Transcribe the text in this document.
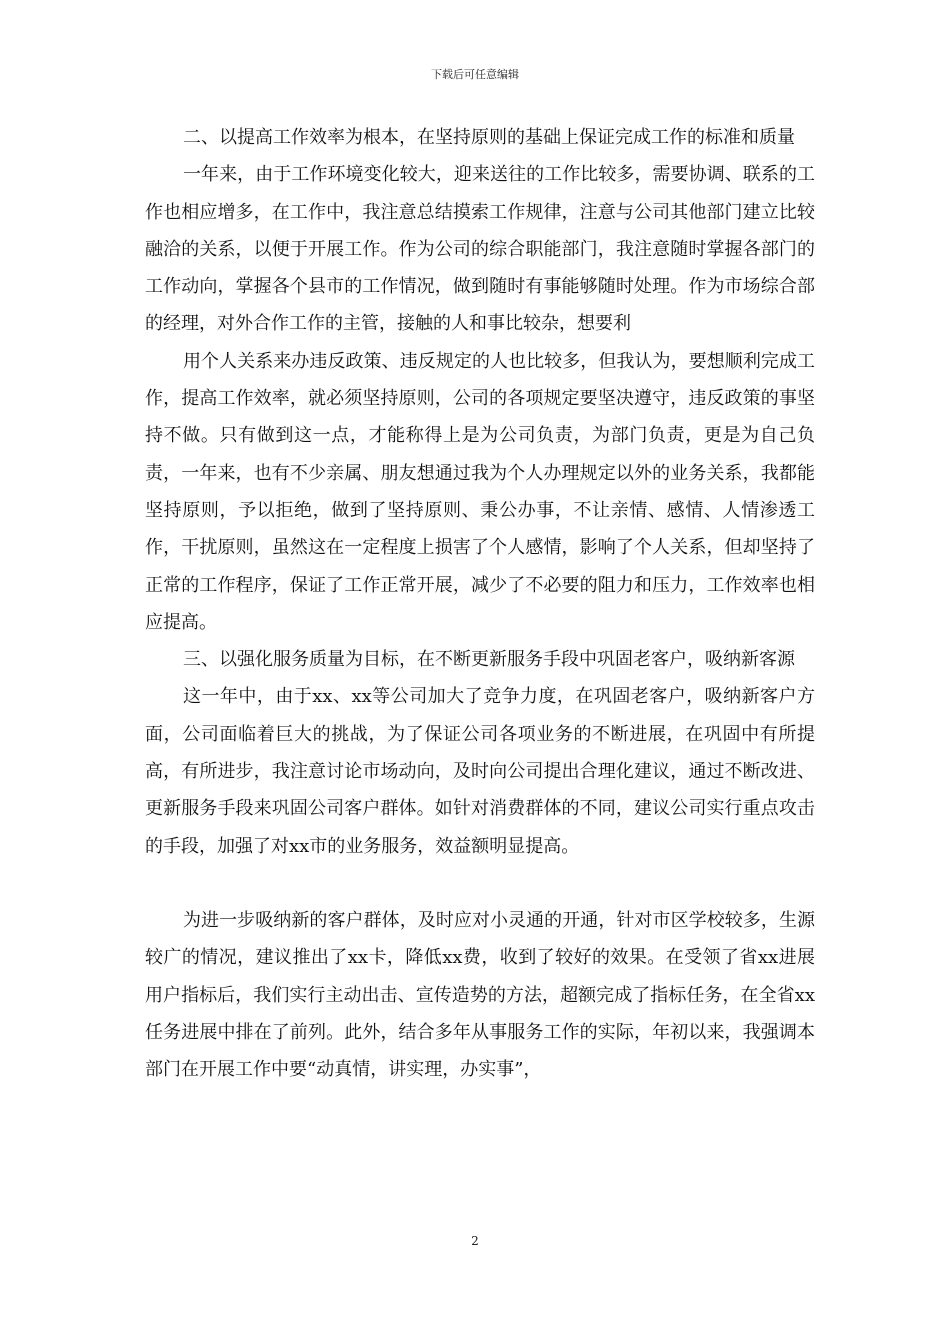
下载后可任意编辑

二、以提高工作效率为根本，在坚持原则的基础上保证完成工作的标准和质量

一年来，由于工作环境变化较大，迎来送往的工作比较多，需要协调、联系的工作也相应增多，在工作中，我注意总结摸索工作规律，注意与公司其他部门建立比较融洽的关系，以便于开展工作。作为公司的综合职能部门，我注意随时掌握各部门的工作动向，掌握各个县市的工作情况，做到随时有事能够随时处理。作为市场综合部的经理，对外合作工作的主管，接触的人和事比较杂，想要利

用个人关系来办违反政策、违反规定的人也比较多，但我认为，要想顺利完成工作，提高工作效率，就必须坚持原则，公司的各项规定要坚决遵守，违反政策的事坚持不做。只有做到这一点，才能称得上是为公司负责，为部门负责，更是为自己负责，一年来，也有不少亲属、朋友想通过我为个人办理规定以外的业务关系，我都能坚持原则，予以拒绝，做到了坚持原则、秉公办事，不让亲情、感情、人情渗透工作，干扰原则，虽然这在一定程度上损害了个人感情，影响了个人关系，但却坚持了正常的工作程序，保证了工作正常开展，减少了不必要的阻力和压力，工作效率也相应提高。

三、以强化服务质量为目标，在不断更新服务手段中巩固老客户，吸纳新客源

这一年中，由于xx、xx等公司加大了竞争力度，在巩固老客户，吸纳新客户方面，公司面临着巨大的挑战，为了保证公司各项业务的不断进展，在巩固中有所提高，有所进步，我注意讨论市场动向，及时向公司提出合理化建议，通过不断改进、更新服务手段来巩固公司客户群体。如针对消费群体的不同，建议公司实行重点攻击的手段，加强了对xx市的业务服务，效益额明显提高。

为进一步吸纳新的客户群体，及时应对小灵通的开通，针对市区学校较多，生源较广的情况，建议推出了xx卡，降低xx费，收到了较好的效果。在受领了省xx进展用户指标后，我们实行主动出击、宣传造势的方法，超额完成了指标任务，在全省xx任务进展中排在了前列。此外，结合多年从事服务工作的实际，年初以来，我强调本部门在开展工作中要“动真情，讲实理，办实事”，

2
